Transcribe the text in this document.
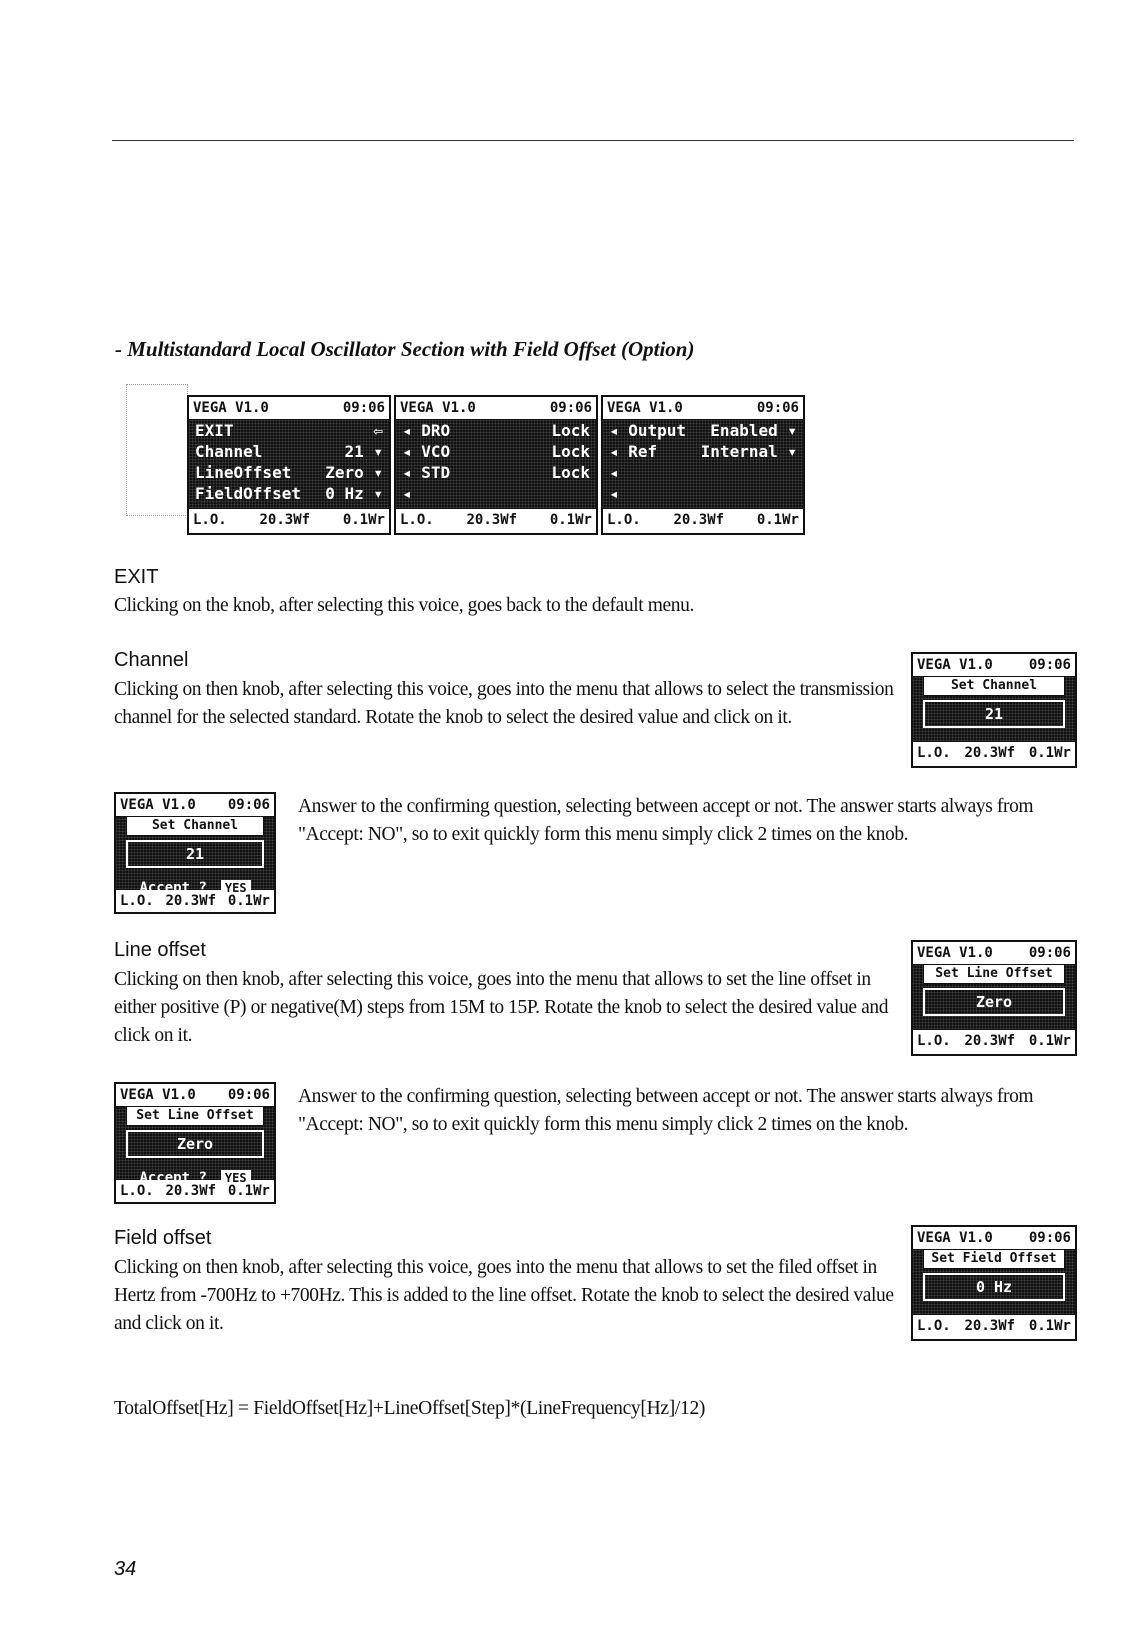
- Multistandard Local Oscillator Section with Field Offset (Option)
VEGA V1.0	09:06
EXIT	⇦
Channel	21 ▾
LineOffset Zero ▾
FieldOffset 0 Hz ▾
L.O. 20.3Wf 0.1Wr
VEGA V1.0	09:06
◂ DRO	Lock
◂ VCO	Lock
◂ STD	Lock
◂
L.O. 20.3Wf 0.1Wr
VEGA V1.0	09:06
◂ Output Enabled ▾
◂ Ref	Internal ▾
◂
◂
L.O. 20.3Wf 0.1Wr
EXIT
Clicking on the knob, after selecting this voice, goes back to the default menu.
Channel
Clicking on then knob, after selecting this voice, goes into the menu that allows to select the transmission channel for the selected standard. Rotate the knob to select the desired value and click on it.
VEGA V1.0	09:06
Set Channel
21
L.O. 20.3Wf 0.1Wr
VEGA V1.0 09:06
Set Channel
21
Accept ?	YES
L.O. 20.3Wf 0.1Wr
Answer to the confirming question, selecting between accept or not. The answer starts always from "Accept: NO", so to exit quickly form this menu simply click 2 times on the knob.
Line offset
Clicking on then knob, after selecting this voice, goes into the menu that allows to set the line offset in either positive (P) or negative(M) steps from 15M to 15P. Rotate the knob to select the desired value and click on it.
VEGA V1.0	09:06
Set Line Offset
Zero
L.O. 20.3Wf 0.1Wr
VEGA V1.0 09:06
Set Line Offset
Zero
Accept ?	YES
L.O. 20.3Wf 0.1Wr
Answer to the confirming question, selecting between accept or not. The answer starts always from "Accept: NO", so to exit quickly form this menu simply click 2 times on the knob.
Field offset
Clicking on then knob, after selecting this voice, goes into the menu that allows to set the filed offset in Hertz from -700Hz to +700Hz. This is added to the line offset. Rotate the knob to select the desired value and click on it.
VEGA V1.0	09:06
Set Field Offset
0 Hz
L.O. 20.3Wf 0.1Wr
TotalOffset[Hz] = FieldOffset[Hz]+LineOffset[Step]*(LineFrequency[Hz]/12)
34
